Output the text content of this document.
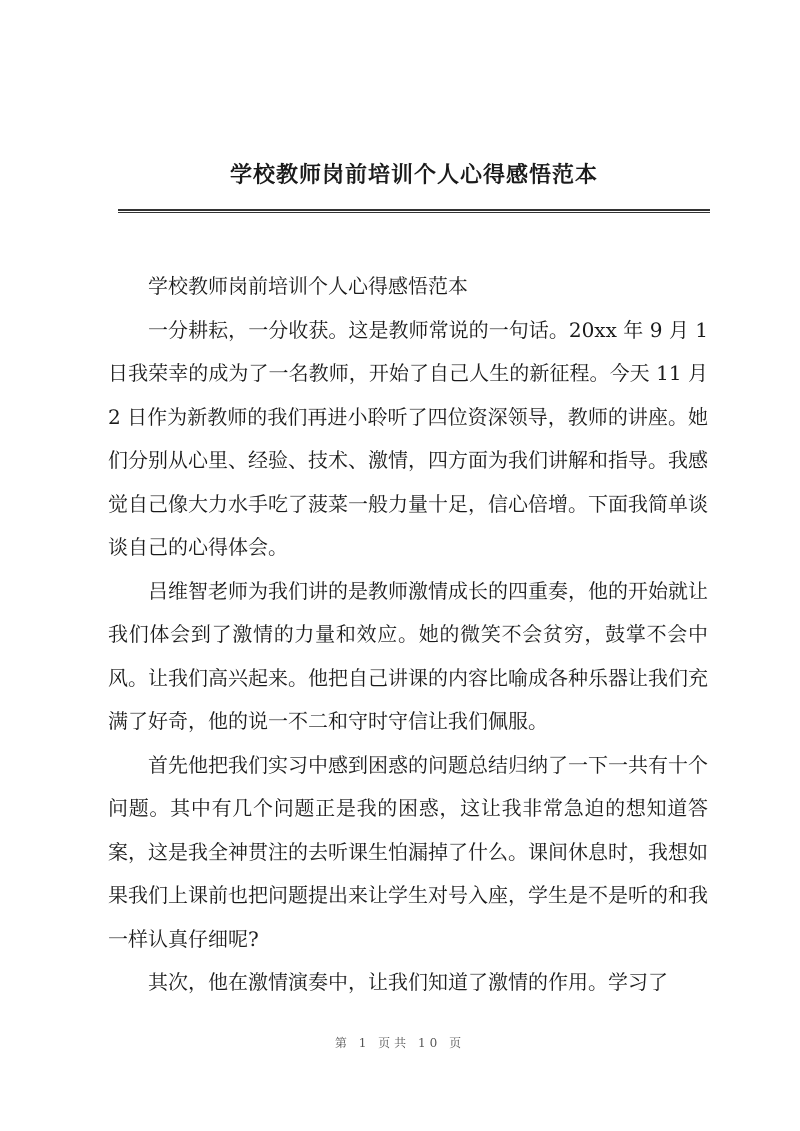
学校教师岗前培训个人心得感悟范本

学校教师岗前培训个人心得感悟范本

一分耕耘，一分收获。这是教师常说的一句话。20xx 年 9 月 1 日我荣幸的成为了一名教师，开始了自己人生的新征程。今天 11 月 2 日作为新教师的我们再进小聆听了四位资深领导，教师的讲座。她们分别从心里、经验、技术、激情，四方面为我们讲解和指导。我感觉自己像大力水手吃了菠菜一般力量十足，信心倍增。下面我简单谈谈自己的心得体会。

吕维智老师为我们讲的是教师激情成长的四重奏，他的开始就让我们体会到了激情的力量和效应。她的微笑不会贫穷，鼓掌不会中风。让我们高兴起来。他把自己讲课的内容比喻成各种乐器让我们充满了好奇，他的说一不二和守时守信让我们佩服。

首先他把我们实习中感到困惑的问题总结归纳了一下一共有十个问题。其中有几个问题正是我的困惑，这让我非常急迫的想知道答案，这是我全神贯注的去听课生怕漏掉了什么。课间休息时，我想如果我们上课前也把问题提出来让学生对号入座，学生是不是听的和我一样认真仔细呢?

其次，他在激情演奏中，让我们知道了激情的作用。学习了

第 1 页共 10 页
